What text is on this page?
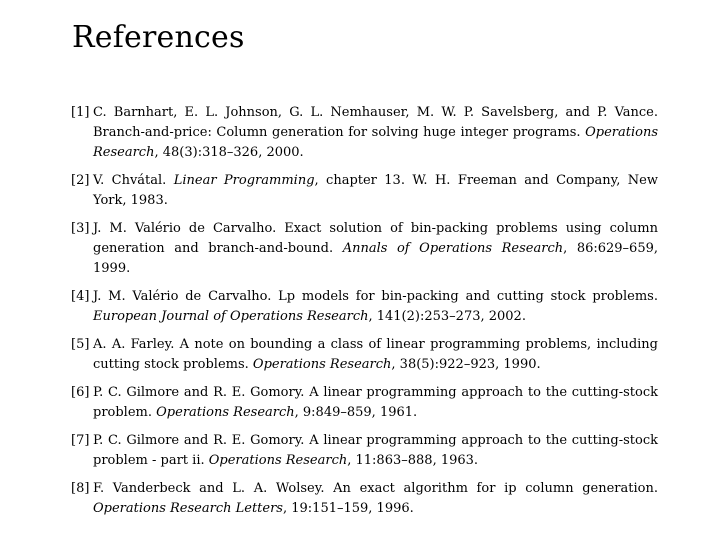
References
[1] C. Barnhart, E. L. Johnson, G. L. Nemhauser, M. W. P. Savelsberg, and P. Vance. Branch-and-price: Column generation for solving huge integer programs. Operations Research, 48(3):318–326, 2000.
[2] V. Chvátal. Linear Programming, chapter 13. W. H. Freeman and Company, New York, 1983.
[3] J. M. Valério de Carvalho. Exact solution of bin-packing problems using column generation and branch-and-bound. Annals of Operations Research, 86:629–659, 1999.
[4] J. M. Valério de Carvalho. Lp models for bin-packing and cutting stock problems. European Journal of Operations Research, 141(2):253–273, 2002.
[5] A. A. Farley. A note on bounding a class of linear programming problems, including cutting stock problems. Operations Research, 38(5):922–923, 1990.
[6] P. C. Gilmore and R. E. Gomory. A linear programming approach to the cutting-stock problem. Operations Research, 9:849–859, 1961.
[7] P. C. Gilmore and R. E. Gomory. A linear programming approach to the cutting-stock problem - part ii. Operations Research, 11:863–888, 1963.
[8] F. Vanderbeck and L. A. Wolsey. An exact algorithm for ip column generation. Operations Research Letters, 19:151–159, 1996.
